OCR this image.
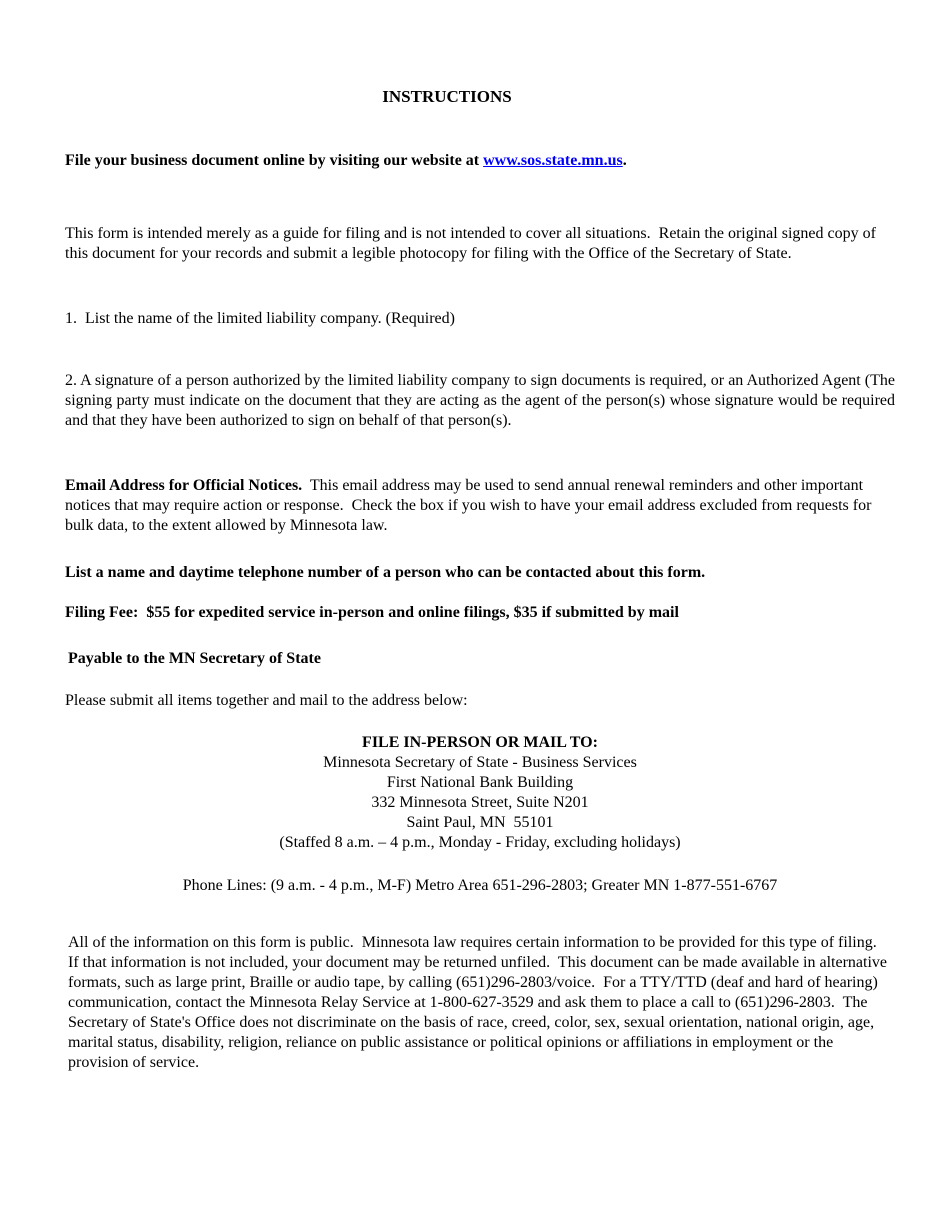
INSTRUCTIONS

File your business document online by visiting our website at www.sos.state.mn.us.

This form is intended merely as a guide for filing and is not intended to cover all situations.  Retain the original signed copy of this document for your records and submit a legible photocopy for filing with the Office of the Secretary of State.

1.  List the name of the limited liability company. (Required)

2. A signature of a person authorized by the limited liability company to sign documents is required, or an Authorized Agent (The signing party must indicate on the document that they are acting as the agent of the person(s) whose signature would be required and that they have been authorized to sign on behalf of that person(s).

Email Address for Official Notices.  This email address may be used to send annual renewal reminders and other important notices that may require action or response.  Check the box if you wish to have your email address excluded from requests for bulk data, to the extent allowed by Minnesota law.

List a name and daytime telephone number of a person who can be contacted about this form.

Filing Fee:  $55 for expedited service in-person and online filings, $35 if submitted by mail

Payable to the MN Secretary of State

Please submit all items together and mail to the address below:

FILE IN-PERSON OR MAIL TO:
Minnesota Secretary of State - Business Services
First National Bank Building
332 Minnesota Street, Suite N201
Saint Paul, MN  55101
(Staffed 8 a.m. – 4 p.m., Monday - Friday, excluding holidays)

Phone Lines: (9 a.m. - 4 p.m., M-F) Metro Area 651-296-2803; Greater MN 1-877-551-6767

All of the information on this form is public.  Minnesota law requires certain information to be provided for this type of filing.  If that information is not included, your document may be returned unfiled.  This document can be made available in alternative formats, such as large print, Braille or audio tape, by calling (651)296-2803/voice.  For a TTY/TTD (deaf and hard of hearing) communication, contact the Minnesota Relay Service at 1-800-627-3529 and ask them to place a call to (651)296-2803.  The Secretary of State's Office does not discriminate on the basis of race, creed, color, sex, sexual orientation, national origin, age, marital status, disability, religion, reliance on public assistance or political opinions or affiliations in employment or the provision of service.
